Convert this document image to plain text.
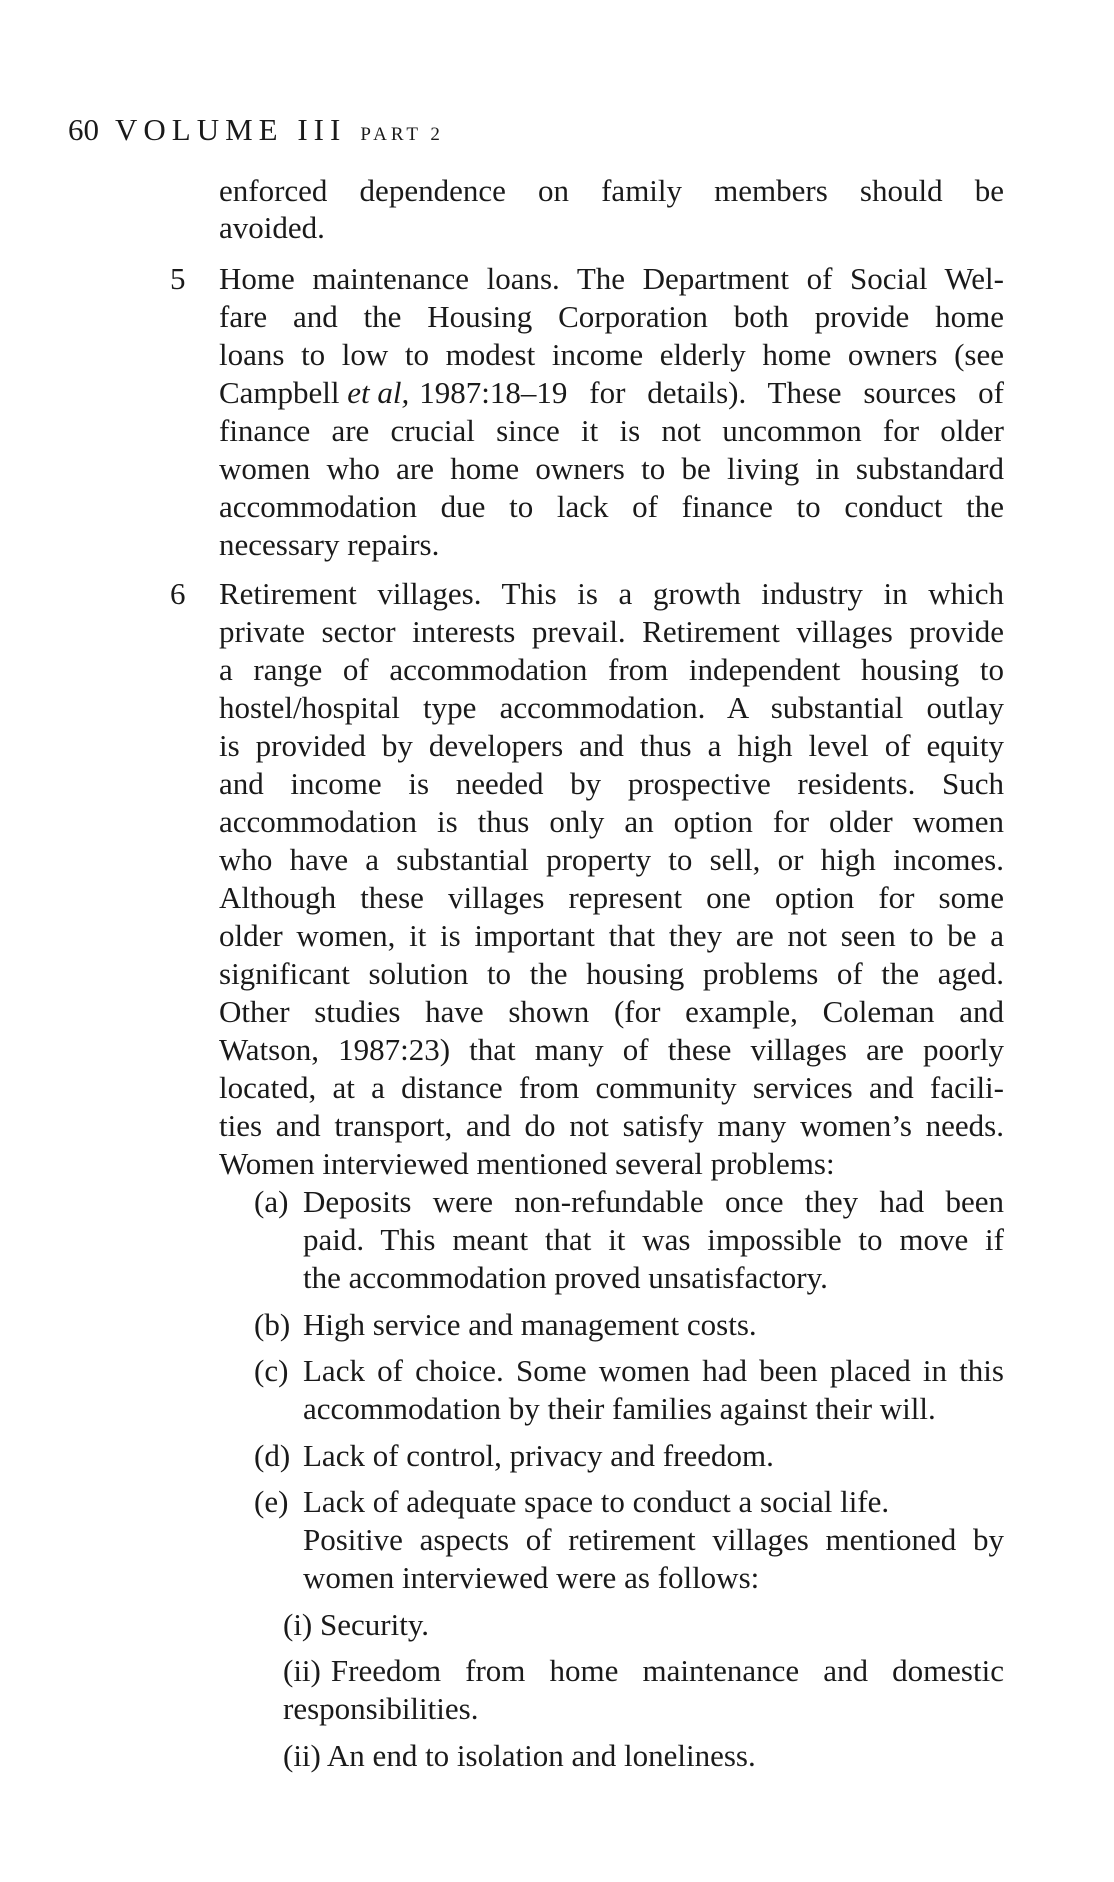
60 VOLUME III PART 2
enforced dependence on family members should be
avoided.
5 Home maintenance loans. The Department of Social Wel-
fare and the Housing Corporation both provide home
loans to low to modest income elderly home owners (see
Campbell et al, 1987:18–19 for details). These sources of
finance are crucial since it is not uncommon for older
women who are home owners to be living in substandard
accommodation due to lack of finance to conduct the
necessary repairs.
6 Retirement villages. This is a growth industry in which
private sector interests prevail. Retirement villages provide
a range of accommodation from independent housing to
hostel/hospital type accommodation. A substantial outlay
is provided by developers and thus a high level of equity
and income is needed by prospective residents. Such
accommodation is thus only an option for older women
who have a substantial property to sell, or high incomes.
Although these villages represent one option for some
older women, it is important that they are not seen to be a
significant solution to the housing problems of the aged.
Other studies have shown (for example, Coleman and
Watson, 1987:23) that many of these villages are poorly
located, at a distance from community services and facili-
ties and transport, and do not satisfy many women’s needs.
Women interviewed mentioned several problems:
(a) Deposits were non-refundable once they had been
paid. This meant that it was impossible to move if
the accommodation proved unsatisfactory.
(b) High service and management costs.
(c) Lack of choice. Some women had been placed in this
accommodation by their families against their will.
(d) Lack of control, privacy and freedom.
(e) Lack of adequate space to conduct a social life.
Positive aspects of retirement villages mentioned by
women interviewed were as follows:
(i) Security.
(ii) Freedom from home maintenance and domestic
responsibilities.
(ii) An end to isolation and loneliness.
